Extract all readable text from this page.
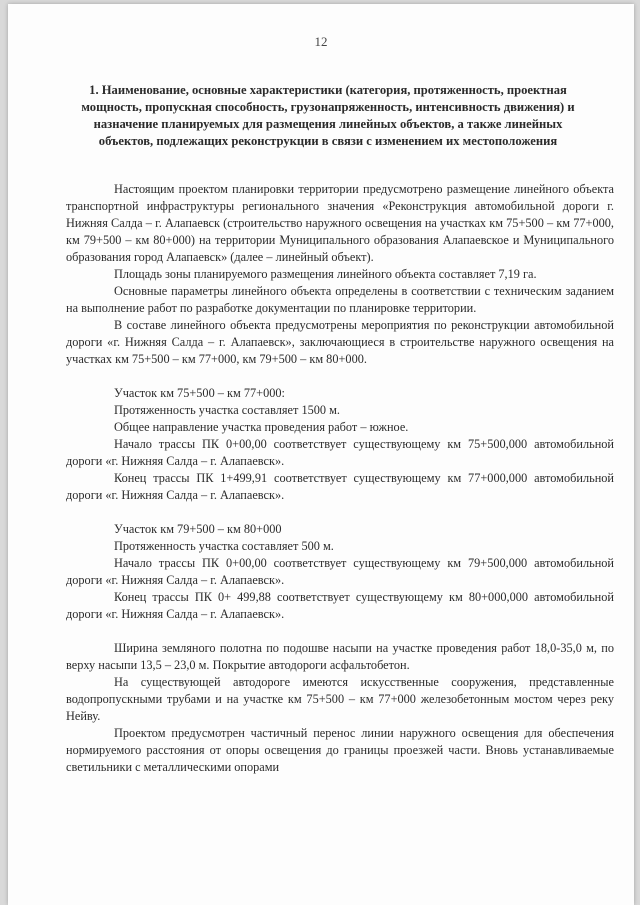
12
1. Наименование, основные характеристики (категория, протяженность, проектная мощность, пропускная способность, грузонапряженность, интенсивность движения) и назначение планируемых для размещения линейных объектов, а также линейных объектов, подлежащих реконструкции в связи с изменением их местоположения

Настоящим проектом планировки территории предусмотрено размещение линейного объекта транспортной инфраструктуры регионального значения «Реконструкция автомобильной дороги г. Нижняя Салда – г. Алапаевск (строительство наружного освещения на участках км 75+500 – км 77+000, км 79+500 – км 80+000) на территории Муниципального образования Алапаевское и Муниципального образования город Алапаевск» (далее – линейный объект).

Площадь зоны планируемого размещения линейного объекта составляет 7,19 га.

Основные параметры линейного объекта определены в соответствии с техническим заданием на выполнение работ по разработке документации по планировке территории.

В составе линейного объекта предусмотрены мероприятия по реконструкции автомобильной дороги «г. Нижняя Салда – г. Алапаевск», заключающиеся в строительстве наружного освещения на участках км 75+500 – км 77+000, км 79+500 – км 80+000.

Участок км 75+500 – км 77+000:

Протяженность участка составляет 1500 м.

Общее направление участка проведения работ – южное.

Начало трассы ПК 0+00,00 соответствует существующему км 75+500,000 автомобильной дороги «г. Нижняя Салда – г. Алапаевск».

Конец трассы ПК 1+499,91 соответствует существующему км 77+000,000 автомобильной дороги «г. Нижняя Салда – г. Алапаевск».

Участок км 79+500 – км 80+000

Протяженность участка составляет 500 м.

Начало трассы ПК 0+00,00 соответствует существующему км 79+500,000 автомобильной дороги «г. Нижняя Салда – г. Алапаевск».

Конец трассы ПК 0+ 499,88 соответствует существующему км 80+000,000 автомобильной дороги «г. Нижняя Салда – г. Алапаевск».

Ширина земляного полотна по подошве насыпи на участке проведения работ 18,0-35,0 м, по верху насыпи 13,5 – 23,0 м. Покрытие автодороги асфальтобетон.

На существующей автодороге имеются искусственные сооружения, представленные водопропускными трубами и на участке км 75+500 – км 77+000 железобетонным мостом через реку Нейву.

Проектом предусмотрен частичный перенос линии наружного освещения для обеспечения нормируемого расстояния от опоры освещения до границы проезжей части. Вновь устанавливаемые светильники с металлическими опорами
